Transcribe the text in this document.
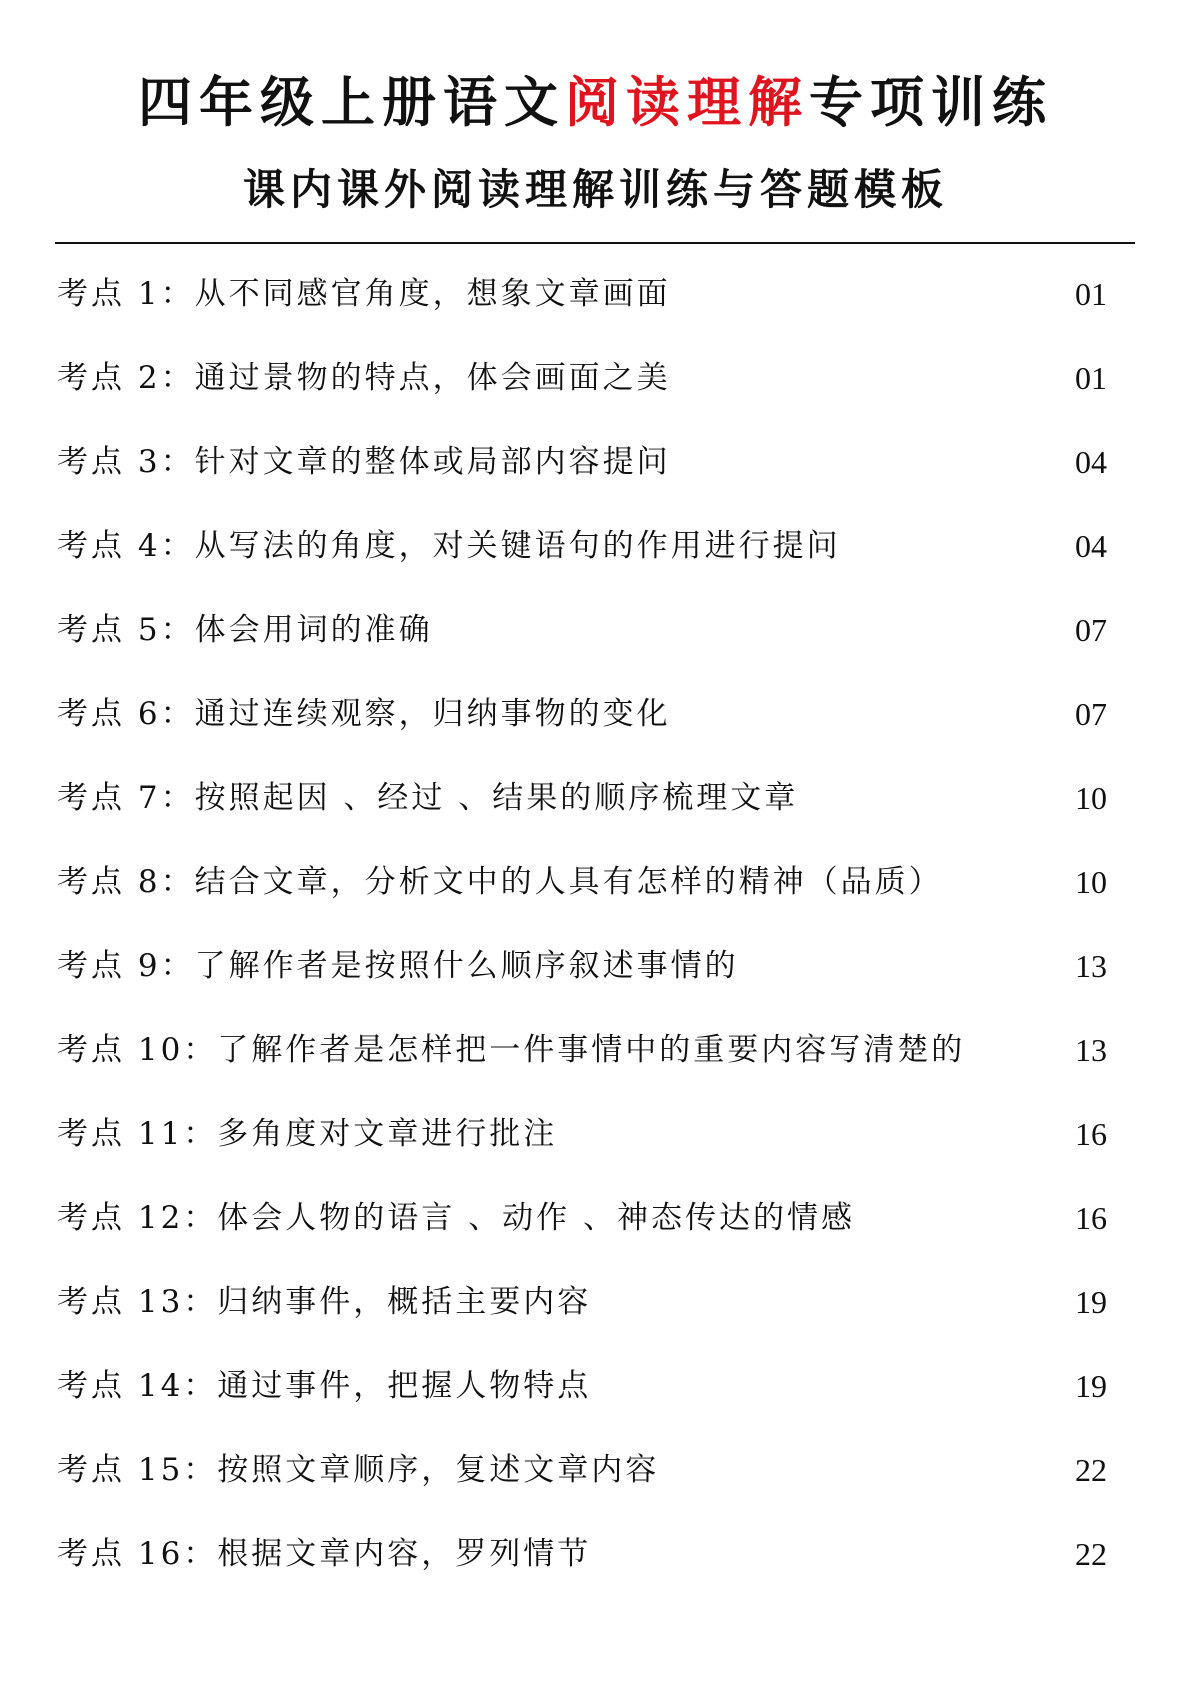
四年级上册语文阅读理解专项训练
课内课外阅读理解训练与答题模板
考点 1：从不同感官角度，想象文章画面	01
考点 2：通过景物的特点，体会画面之美	01
考点 3：针对文章的整体或局部内容提问	04
考点 4：从写法的角度，对关键语句的作用进行提问	04
考点 5：体会用词的准确	07
考点 6：通过连续观察，归纳事物的变化	07
考点 7：按照起因 、经过 、结果的顺序梳理文章	10
考点 8：结合文章，分析文中的人具有怎样的精神（品质）	10
考点 9：了解作者是按照什么顺序叙述事情的	13
考点 10：了解作者是怎样把一件事情中的重要内容写清楚的	13
考点 11：多角度对文章进行批注	16
考点 12：体会人物的语言 、动作 、神态传达的情感	16
考点 13：归纳事件，概括主要内容	19
考点 14：通过事件，把握人物特点	19
考点 15：按照文章顺序，复述文章内容	22
考点 16：根据文章内容，罗列情节	22
